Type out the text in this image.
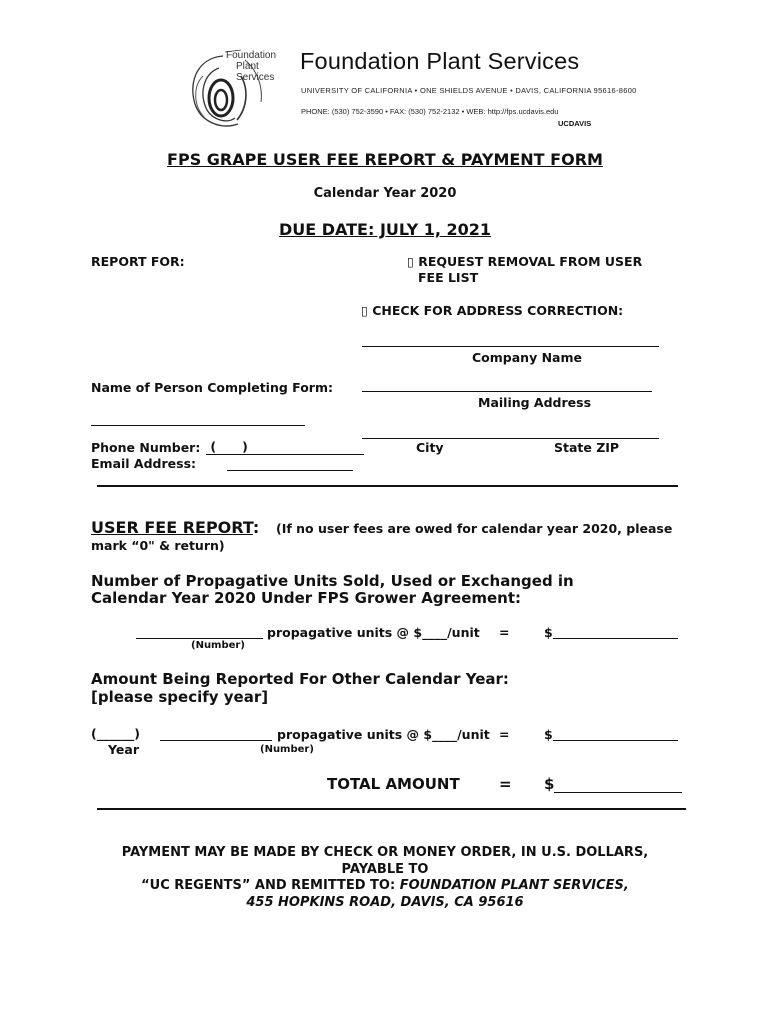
Foundation
Plant
Services
Foundation Plant Services
UNIVERSITY OF CALIFORNIA • ONE SHIELDS AVENUE • DAVIS, CALIFORNIA 95616-8600
PHONE: (530) 752-3590 • FAX: (530) 752-2132 • WEB: http://fps.ucdavis.edu
UCDAVIS
FPS GRAPE USER FEE REPORT & PAYMENT FORM
Calendar Year 2020
DUE DATE: JULY 1, 2021
REPORT FOR:	▯ REQUEST REMOVAL FROM USER
FEE LIST
▯ CHECK FOR ADDRESS CORRECTION:
Company Name
Name of Person Completing Form:
Mailing Address
Phone Number: (      )	City	State ZIP
Email Address:
USER FEE REPORT: (If no user fees are owed for calendar year 2020, please
mark “0" & return)
Number of Propagative Units Sold, Used or Exchanged in
Calendar Year 2020 Under FPS Grower Agreement:
propagative units @ $____/unit =	$
(Number)
Amount Being Reported For Other Calendar Year:
[please specify year]
(______)
Year
propagative units @ $____/unit =	$
(Number)
TOTAL AMOUNT	= $
PAYMENT MAY BE MADE BY CHECK OR MONEY ORDER, IN U.S. DOLLARS,
PAYABLE TO
“UC REGENTS” AND REMITTED TO: FOUNDATION PLANT SERVICES,
455 HOPKINS ROAD, DAVIS, CA 95616
